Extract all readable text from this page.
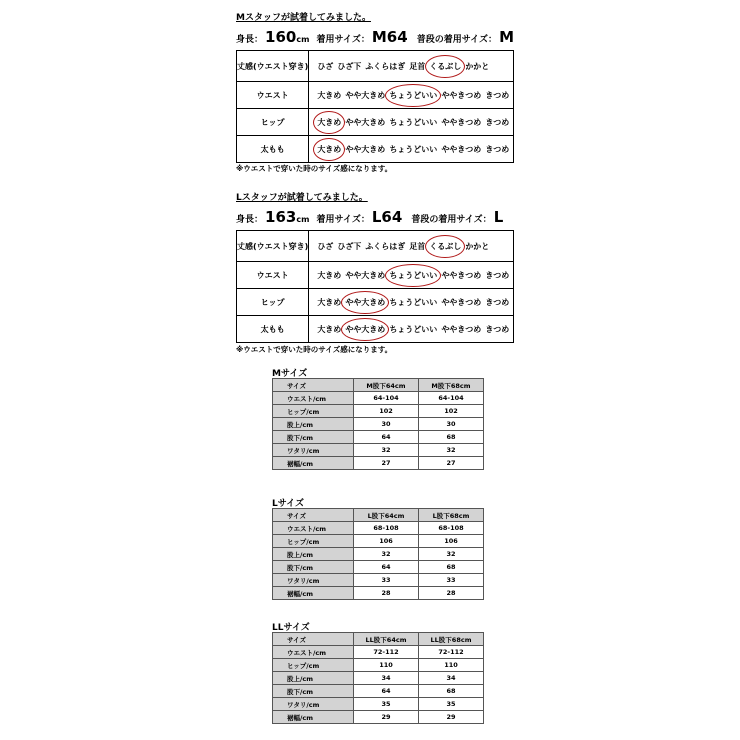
Mスタッフが試着してみました。
身長： 160cm 着用サイズ： M64 普段の着用サイズ： M
丈感(ウエスト穿き)	ひざ ひざ下 ふくらはぎ 足首 くるぶし かかと
ウエスト	大きめ やや大きめ ちょうどいい ややきつめ きつめ
ヒップ	大きめ やや大きめ ちょうどいい ややきつめ きつめ
太もも	大きめ やや大きめ ちょうどいい ややきつめ きつめ
※ウエストで穿いた時のサイズ感になります。
Lスタッフが試着してみました。
身長： 163cm 着用サイズ： L64 普段の着用サイズ： L
丈感(ウエスト穿き)	ひざ ひざ下 ふくらはぎ 足首 くるぶし かかと
ウエスト	大きめ やや大きめ ちょうどいい ややきつめ きつめ
ヒップ	大きめ やや大きめ ちょうどいい ややきつめ きつめ
太もも	大きめ やや大きめ ちょうどいい ややきつめ きつめ
※ウエストで穿いた時のサイズ感になります。
Mサイズ
サイズ	M股下64cm	M股下68cm
ウエスト/cm	64-104	64-104
ヒップ/cm	102	102
股上/cm	30	30
股下/cm	64	68
ワタリ/cm	32	32
裾幅/cm	27	27
Lサイズ
サイズ	L股下64cm	L股下68cm
ウエスト/cm	68-108	68-108
ヒップ/cm	106	106
股上/cm	32	32
股下/cm	64	68
ワタリ/cm	33	33
裾幅/cm	28	28
LLサイズ
サイズ	LL股下64cm	LL股下68cm
ウエスト/cm	72-112	72-112
ヒップ/cm	110	110
股上/cm	34	34
股下/cm	64	68
ワタリ/cm	35	35
裾幅/cm	29	29
